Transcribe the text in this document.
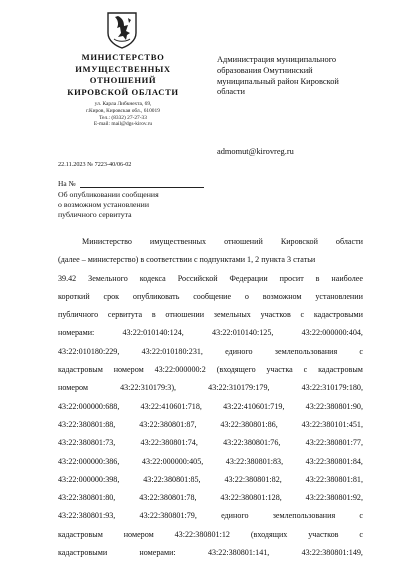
МИНИСТЕРСТВО
ИМУЩЕСТВЕННЫХ
ОТНОШЕНИЙ
КИРОВСКОЙ ОБЛАСТИ
ул. Карла Либкнехта, 69,
г.Киров, Кировская обл., 610019
Тел.: (8332) 27-27-33
E-mail: mail@dgs-kirov.ru
Администрация муниципального
образования Омутнинский
муниципальный район Кировской
области
admomut@kirovreg.ru
22.11.2023 № 7223-40/06-02
На №
Об опубликовании сообщения
о возможном установлении
публичного сервитута
Министерство имущественных отношений Кировской области
(далее – министерство) в соответствии с подпунктами 1, 2 пункта 3 статьи
39.42 Земельного кодекса Российской Федерации просит в наиболее
короткий срок опубликовать сообщение о возможном установлении
публичного сервитута в отношении земельных участков с кадастровыми
номерами:	43:22:010140:124,	43:22:010140:125,	43:22:000000:404,
43:22:010180:229,	43:22:010180:231,	единого	землепользования	с
кадастровым номером 43:22:000000:2 (входящего участка с кадастровым
номером	43:22:310179:3),	43:22:310179:179,	43:22:310179:180,
43:22:000000:688,	43:22:410601:718,	43:22:410601:719,	43:22:380801:90,
43:22:380801:88,	43:22:380801:87,	43:22:380801:86,	43:22:380101:451,
43:22:380801:73,	43:22:380801:74,	43:22:380801:76,	43:22:380801:77,
43:22:000000:386,	43:22:000000:405,	43:22:380801:83,	43:22:380801:84,
43:22:000000:398,	43:22:380801:85,	43:22:380801:82,	43:22:380801:81,
43:22:380801:80,	43:22:380801:78,	43:22:380801:128,	43:22:380801:92,
43:22:380801:93,	43:22:380801:79,	единого	землепользования	с
кадастровым	номером	43:22:380801:12	(входящих	участков	с
кадастровыми	номерами:	43:22:380801:141,	43:22:380801:149,
